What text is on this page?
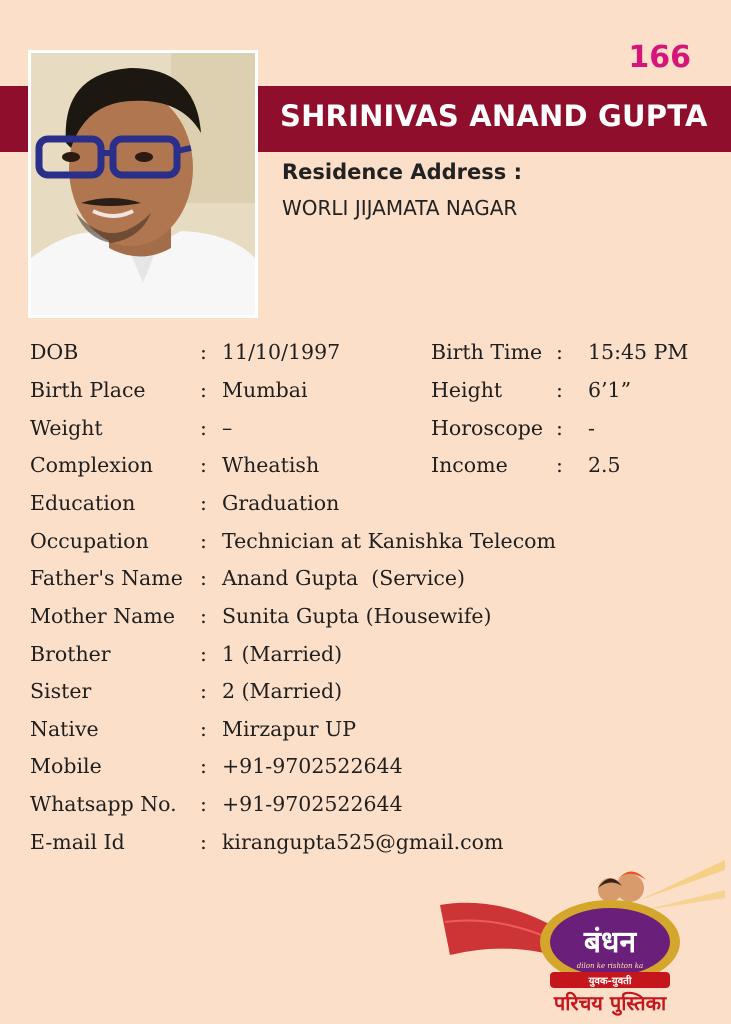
166
SHRINIVAS ANAND GUPTA
Residence Address :
WORLI JIJAMATA NAGAR
DOB	: 11/10/1997	Birth Time : 15:45 PM
Birth Place	: Mumbai	Height	: 6’1”
Weight	: –	Horoscope : -
Complexion : Wheatish	Income : 2.5
Education	: Graduation
Occupation	: Technician at Kanishka Telecom
Father's Name : Anand Gupta  (Service)
Mother Name : Sunita Gupta (Housewife)
Brother	: 1 (Married)
Sister	: 2 (Married)
Native	: Mirzapur UP
Mobile	: +91-9702522644
Whatsapp No. : +91-9702522644
E-mail Id	: kirangupta525@gmail.com
बंधन
dilon ke rishton ka
युवक-युवती
परिचय पुस्तिका
